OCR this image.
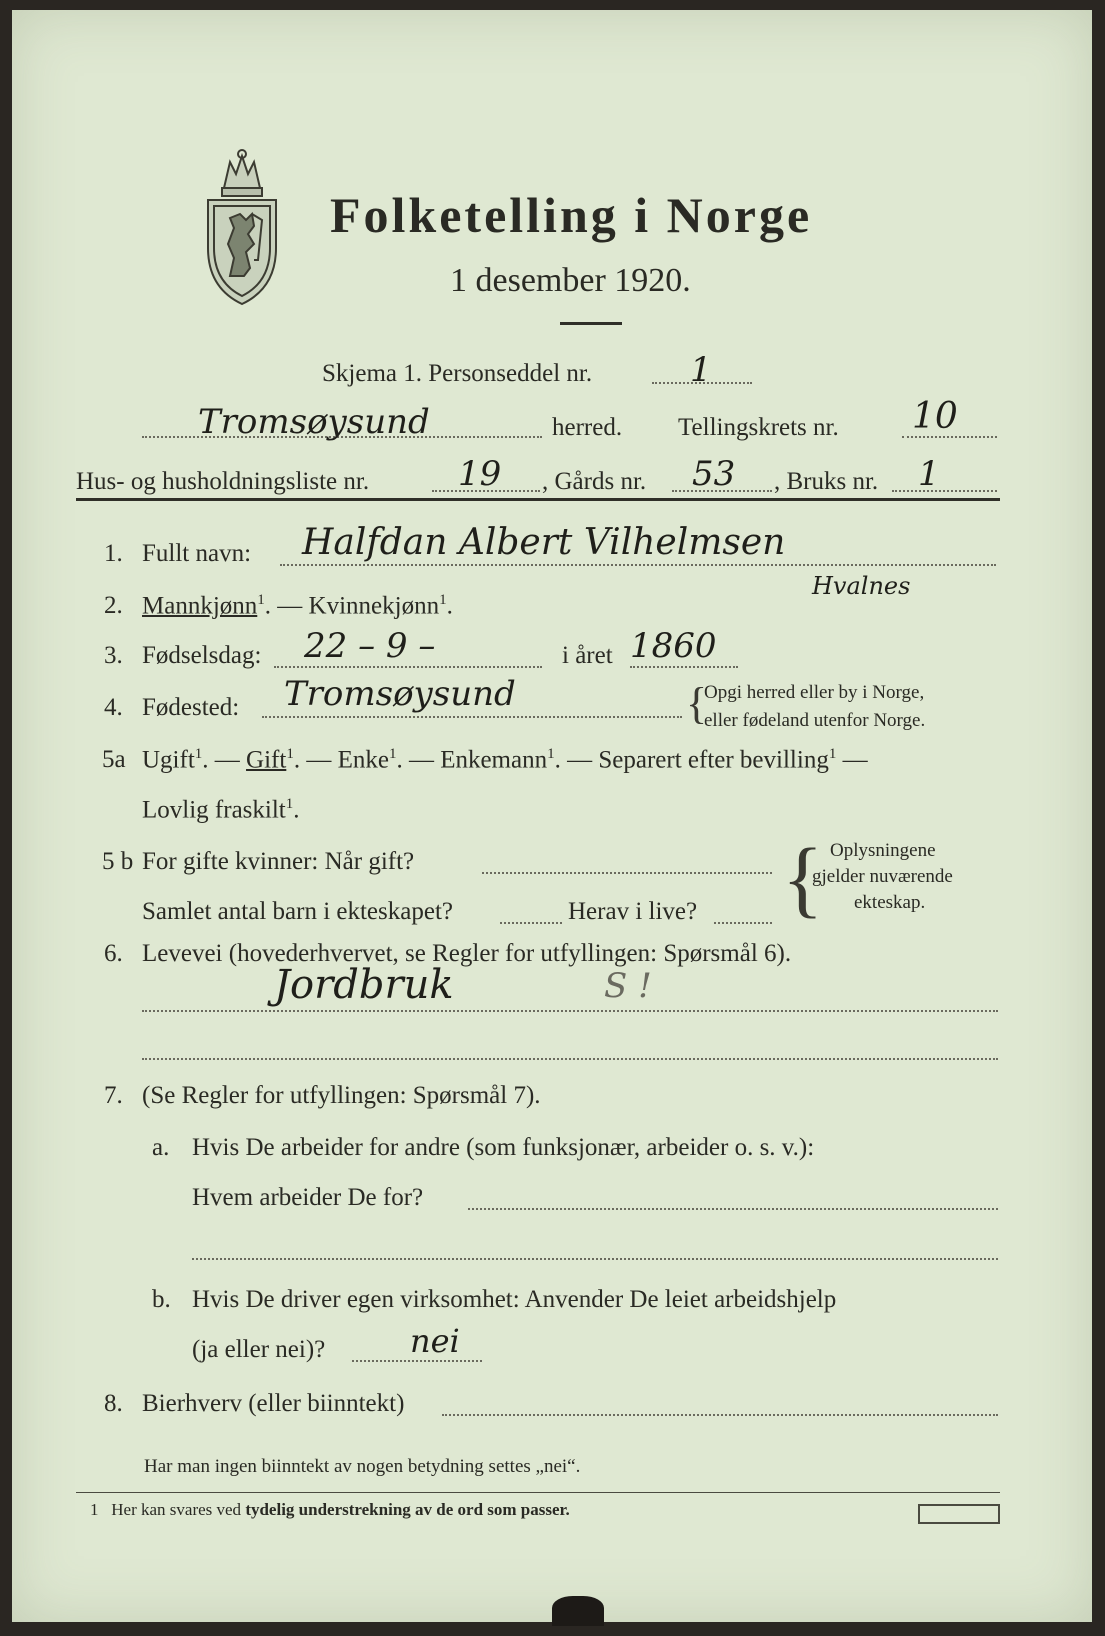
Folketelling i Norge
1 desember 1920.
Skjema 1. Personseddel nr.	1
Tromsøysund	herred. Tellingskrets nr. 10
Hus- og husholdningsliste nr.	19 , Gårds nr. 53 , Bruks nr. 1
1. Fullt navn: Halfdan Albert Vilhelmsen
Hvalnes
2. Mannkjønn$^1$. — Kvinnekjønn$^1$.
3. Fødselsdag: 22 – 9 –	i året 1860
4. Fødested: Tromsøysund	{
Opgi herred eller by i Norge,
eller fødeland utenfor Norge.
5a Ugift$^1$. — Gift$^1$. — Enke$^1$. — Enkemann$^1$. — Separert efter bevilling$^1$ —
Lovlig fraskilt$^1$.
5 b For gifte kvinner: Når gift?
Samlet antal barn i ekteskapet?	Herav i live? { Oplysningene
gjelder nuværende
ekteskap.
6. Levevei (hovederhvervet, se Regler for utfyllingen: Spørsmål 6).
Jordbruk	S !
7. (Se Regler for utfyllingen: Spørsmål 7).
a. Hvis De arbeider for andre (som funksjonær, arbeider o. s. v.):
Hvem arbeider De for?
b. Hvis De driver egen virksomhet: Anvender De leiet arbeidshjelp
(ja eller nei)?	nei
8. Bierhverv (eller biinntekt)
Har man ingen biinntekt av nogen betydning settes „nei“.
1 Her kan svares ved tydelig understrekning av de ord som passer.
